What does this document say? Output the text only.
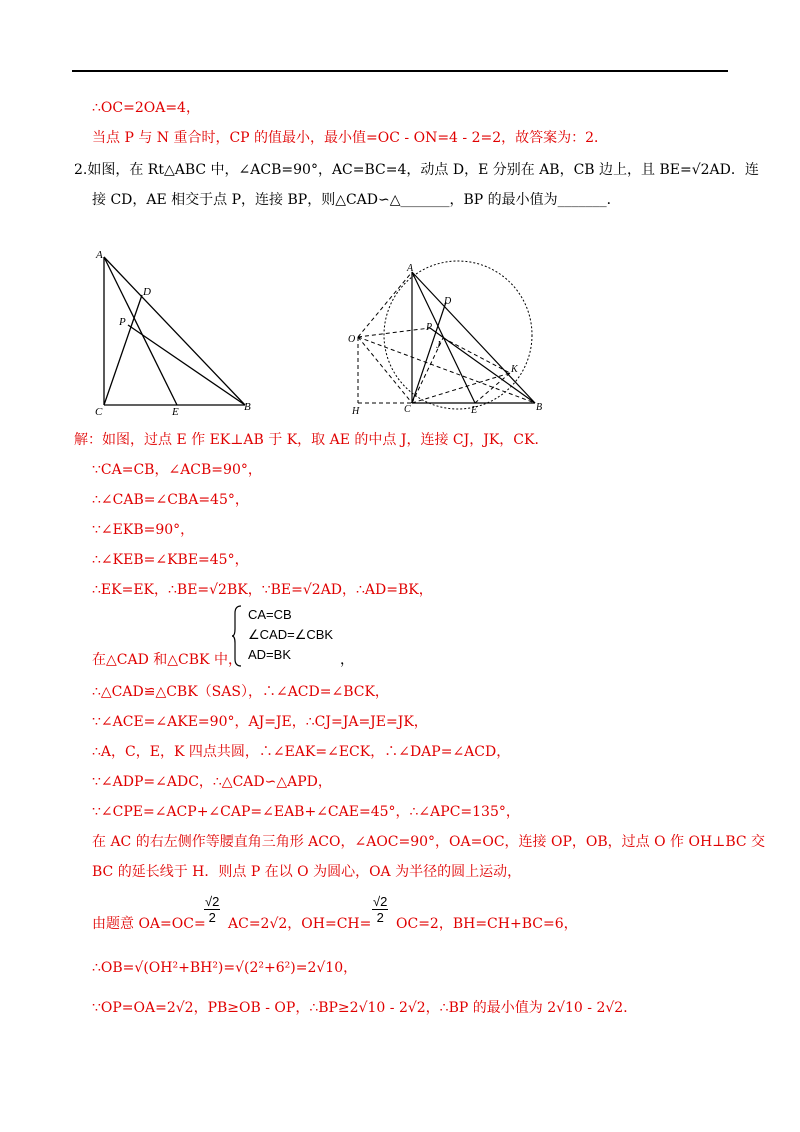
∴OC=2OA=4，
当点 P 与 N 重合时，CP 的值最小，最小值=OC - ON=4 - 2=2，故答案为：2．
2.如图，在 Rt△ABC 中，∠ACB=90°，AC=BC=4，动点 D，E 分别在 AB，CB 边上，且 BE=√2AD．连
接 CD，AE 相交于点 P，连接 BP，则△CAD∽△_______，BP 的最小值为_______．
A
D
P
C	E	B
A
D
P
O
J
K
H	C	E	B
解：如图，过点 E 作 EK⊥AB 于 K，取 AE 的中点 J，连接 CJ，JK，CK．
∵CA=CB，∠ACB=90°，
∴∠CAB=∠CBA=45°，
∵∠EKB=90°，
∴∠KEB=∠KBE=45°，
∴EK=EK，∴BE=√2BK，∵BE=√2AD，∴AD=BK，
CA=CB
∠CAD=∠CBK
AD=BK
在△CAD 和△CBK 中，	，
∴△CAD≌△CBK（SAS），∴∠ACD=∠BCK，
∵∠ACE=∠AKE=90°，AJ=JE，∴CJ=JA=JE=JK，
∴A，C，E，K 四点共圆，∴∠EAK=∠ECK，∴∠DAP=∠ACD，
∵∠ADP=∠ADC，∴△CAD∽△APD，
∵∠CPE=∠ACP+∠CAP=∠EAB+∠CAE=45°，∴∠APC=135°，
在 AC 的右左侧作等腰直角三角形 ACO，∠AOC=90°，OA=OC，连接 OP，OB，过点 O 作 OH⊥BC 交
BC 的延长线于 H．则点 P 在以 O 为圆心，OA 为半径的圆上运动，
由题意 OA=OC=
$\frac{√2}{2} AC=2√2$，$OH=CH= \frac{√2}{2} OC=2$，BH=CH+BC=6，
∴OB=√(OH²+BH²)=√(2²+6²)=2√10，
∵OP=OA=2√2，PB≥OB - OP，∴BP≥2√10 - 2√2，∴BP 的最小值为 2√10 - 2√2．
